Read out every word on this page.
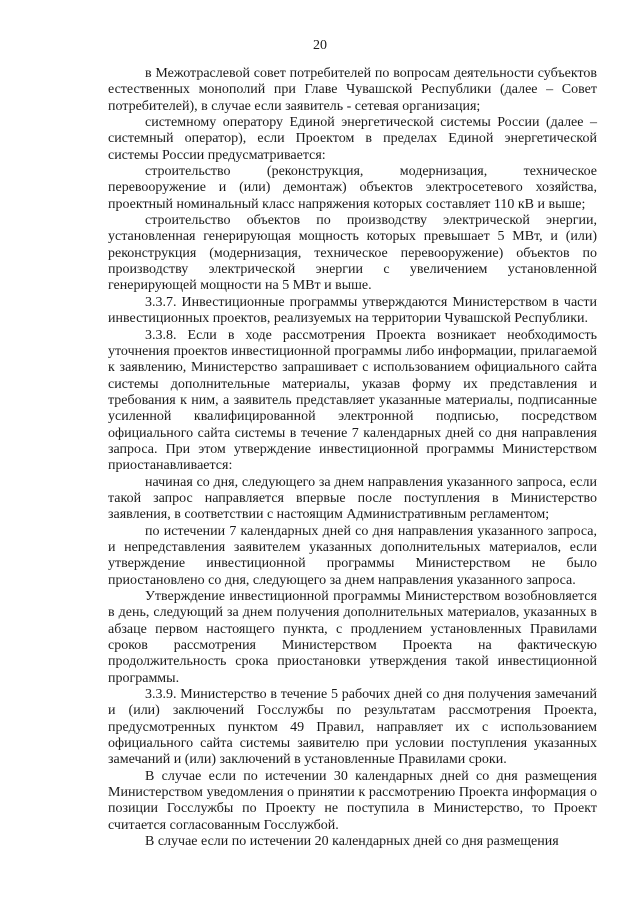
20

в Межотраслевой совет потребителей по вопросам деятельности субъектов естественных монополий при Главе Чувашской Республики (далее – Совет потребителей), в случае если заявитель - сетевая организация;

системному оператору Единой энергетической системы России (далее – системный оператор), если Проектом в пределах Единой энергетической системы России предусматривается:

строительство (реконструкция, модернизация, техническое перевооружение и (или) демонтаж) объектов электросетевого хозяйства, проектный номинальный класс напряжения которых составляет 110 кВ и выше;

строительство объектов по производству электрической энергии, установленная генерирующая мощность которых превышает 5 МВт, и (или) реконструкция (модернизация, техническое перевооружение) объектов по производству электрической энергии с увеличением установленной генерирующей мощности на 5 МВт и выше.

3.3.7. Инвестиционные программы утверждаются Министерством в части инвестиционных проектов, реализуемых на территории Чувашской Республики.

3.3.8. Если в ходе рассмотрения Проекта возникает необходимость уточнения проектов инвестиционной программы либо информации, прилагаемой к заявлению, Министерство запрашивает с использованием официального сайта системы дополнительные материалы, указав форму их представления и требования к ним, а заявитель представляет указанные материалы, подписанные усиленной квалифицированной электронной подписью, посредством официального сайта системы в течение 7 календарных дней со дня направления запроса. При этом утверждение инвестиционной программы Министерством приостанавливается:

начиная со дня, следующего за днем направления указанного запроса, если такой запрос направляется впервые после поступления в Министерство заявления, в соответствии с настоящим Административным регламентом;

по истечении 7 календарных дней со дня направления указанного запроса, и непредставления заявителем указанных дополнительных материалов, если утверждение инвестиционной программы Министерством не было приостановлено со дня, следующего за днем направления указанного запроса.

Утверждение инвестиционной программы Министерством возобновляется в день, следующий за днем получения дополнительных материалов, указанных в абзаце первом настоящего пункта, с продлением установленных Правилами сроков рассмотрения Министерством Проекта на фактическую продолжительность срока приостановки утверждения такой инвестиционной программы.

3.3.9. Министерство в течение 5 рабочих дней со дня получения замечаний и (или) заключений Госслужбы по результатам рассмотрения Проекта, предусмотренных пунктом 49 Правил, направляет их с использованием официального сайта системы заявителю при условии поступления указанных замечаний и (или) заключений в установленные Правилами сроки.

В случае если по истечении 30 календарных дней со дня размещения Министерством уведомления о принятии к рассмотрению Проекта информация о позиции Госслужбы по Проекту не поступила в Министерство, то Проект считается согласованным Госслужбой.

В случае если по истечении 20 календарных дней со дня размещения
